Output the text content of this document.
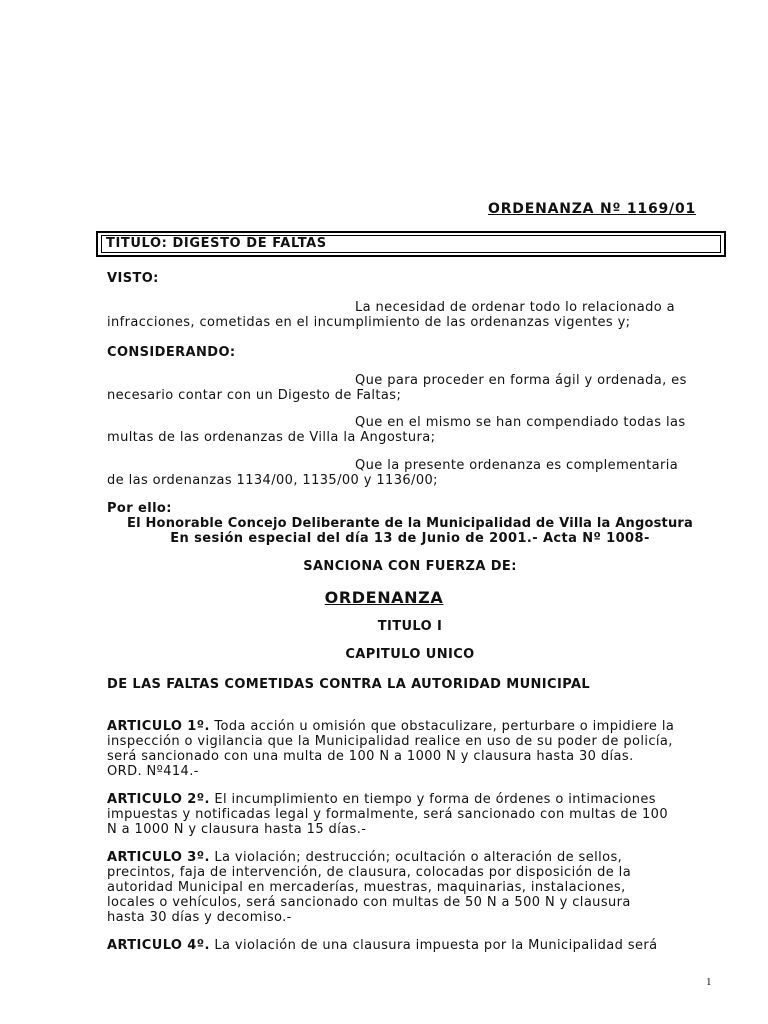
ORDENANZA Nº 1169/01
TITULO: DIGESTO DE FALTAS
VISTO:
La necesidad de ordenar todo lo relacionado a
infracciones, cometidas en el incumplimiento de las ordenanzas vigentes y;
CONSIDERANDO:
Que para proceder en forma ágil y ordenada, es
necesario contar con un Digesto de Faltas;
Que en el mismo se han compendiado todas las
multas de las ordenanzas de Villa la Angostura;
Que la presente ordenanza es complementaria
de las ordenanzas 1134/00, 1135/00 y 1136/00;
Por ello:
El Honorable Concejo Deliberante de la Municipalidad de Villa la Angostura
En sesión especial del día 13 de Junio de 2001.- Acta Nº 1008-
SANCIONA CON FUERZA DE:
ORDENANZA
TITULO I
CAPITULO UNICO
DE LAS FALTAS COMETIDAS CONTRA LA AUTORIDAD MUNICIPAL
ARTICULO 1º. Toda acción u omisión que obstaculizare, perturbare o impidiere la
inspección o vigilancia que la Municipalidad realice en uso de su poder de policía,
será sancionado con una multa de 100 N a 1000 N y clausura hasta 30 días.
ORD. Nº414.-
ARTICULO 2º. El incumplimiento en tiempo y forma de órdenes o intimaciones
impuestas y notificadas legal y formalmente, será sancionado con multas de 100
N a 1000 N y clausura hasta 15 días.-
ARTICULO 3º. La violación; destrucción; ocultación o alteración de sellos,
precintos, faja de intervención, de clausura, colocadas por disposición de la
autoridad Municipal en mercaderías, muestras, maquinarias, instalaciones,
locales o vehículos, será sancionado con multas de 50 N a 500 N y clausura
hasta 30 días y decomiso.-
ARTICULO 4º. La violación de una clausura impuesta por la Municipalidad será
1
